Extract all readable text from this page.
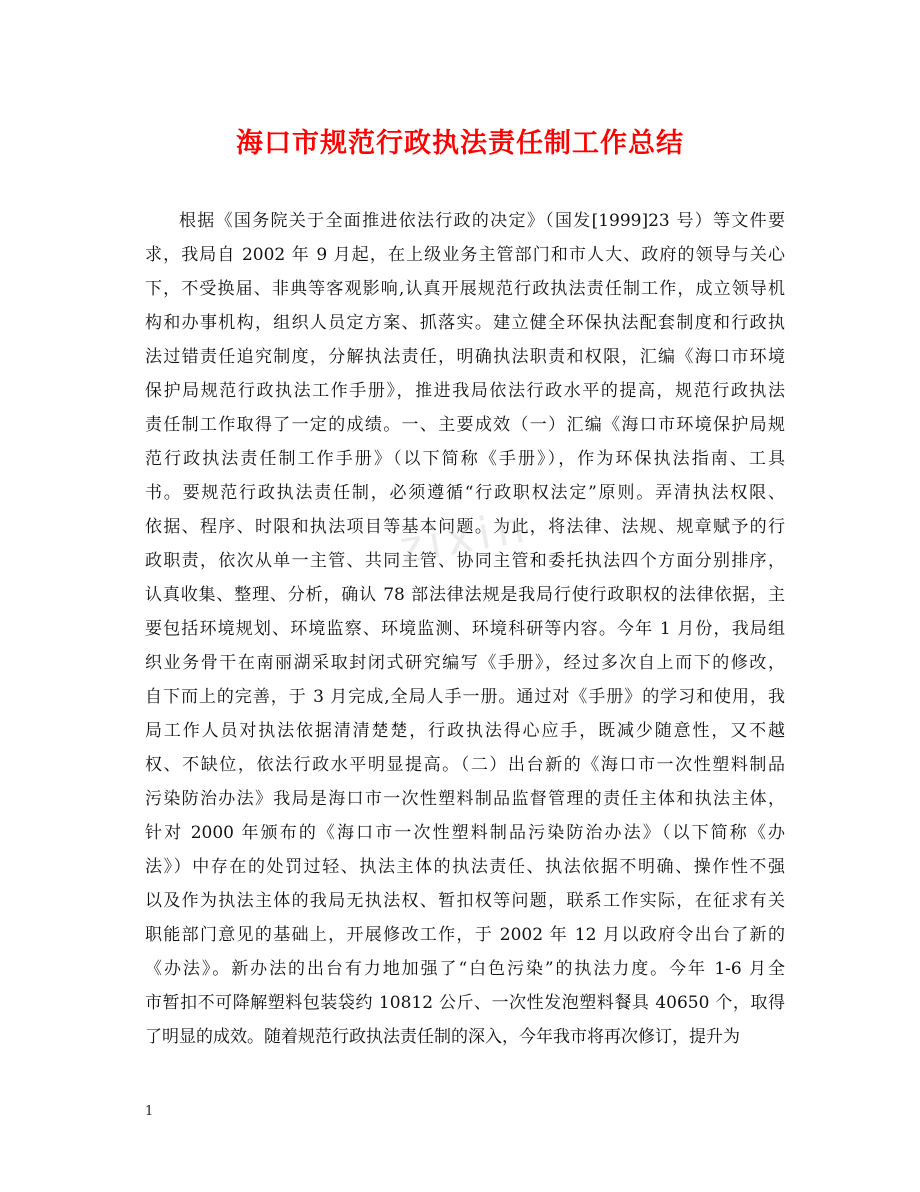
海口市规范行政执法责任制工作总结
根据《国务院关于全面推进依法行政的决定》（国发[1999]23 号）等文件要
求，我局自 2002 年 9 月起，在上级业务主管部门和市人大、政府的领导与关心
下，不受换届、非典等客观影响,认真开展规范行政执法责任制工作，成立领导机
构和办事机构，组织人员定方案、抓落实。建立健全环保执法配套制度和行政执
法过错责任追究制度，分解执法责任，明确执法职责和权限，汇编《海口市环境
保护局规范行政执法工作手册》，推进我局依法行政水平的提高，规范行政执法
责任制工作取得了一定的成绩。一、主要成效（一）汇编《海口市环境保护局规
范行政执法责任制工作手册》（以下简称《手册》），作为环保执法指南、工具
书。要规范行政执法责任制，必须遵循“行政职权法定”原则。弄清执法权限、
依据、程序、时限和执法项目等基本问题。为此，将法律、法规、规章赋予的行
政职责，依次从单一主管、共同主管、协同主管和委托执法四个方面分别排序，
认真收集、整理、分析，确认 78 部法律法规是我局行使行政职权的法律依据，主
要包括环境规划、环境监察、环境监测、环境科研等内容。今年 1 月份，我局组
织业务骨干在南丽湖采取封闭式研究编写《手册》，经过多次自上而下的修改，
自下而上的完善，于 3 月完成,全局人手一册。通过对《手册》的学习和使用，我
局工作人员对执法依据清清楚楚，行政执法得心应手，既减少随意性，又不越
权、不缺位，依法行政水平明显提高。（二）出台新的《海口市一次性塑料制品
污染防治办法》我局是海口市一次性塑料制品监督管理的责任主体和执法主体，
针对 2000 年颁布的《海口市一次性塑料制品污染防治办法》（以下简称《办
法》）中存在的处罚过轻、执法主体的执法责任、执法依据不明确、操作性不强
以及作为执法主体的我局无执法权、暂扣权等问题，联系工作实际，在征求有关
职能部门意见的基础上，开展修改工作，于 2002 年 12 月以政府令出台了新的
《办法》。新办法的出台有力地加强了“白色污染”的执法力度。今年 1-6 月全
市暂扣不可降解塑料包装袋约 10812 公斤、一次性发泡塑料餐具 40650 个，取得
了明显的成效。随着规范行政执法责任制的深入，今年我市将再次修订，提升为
zixin
1
